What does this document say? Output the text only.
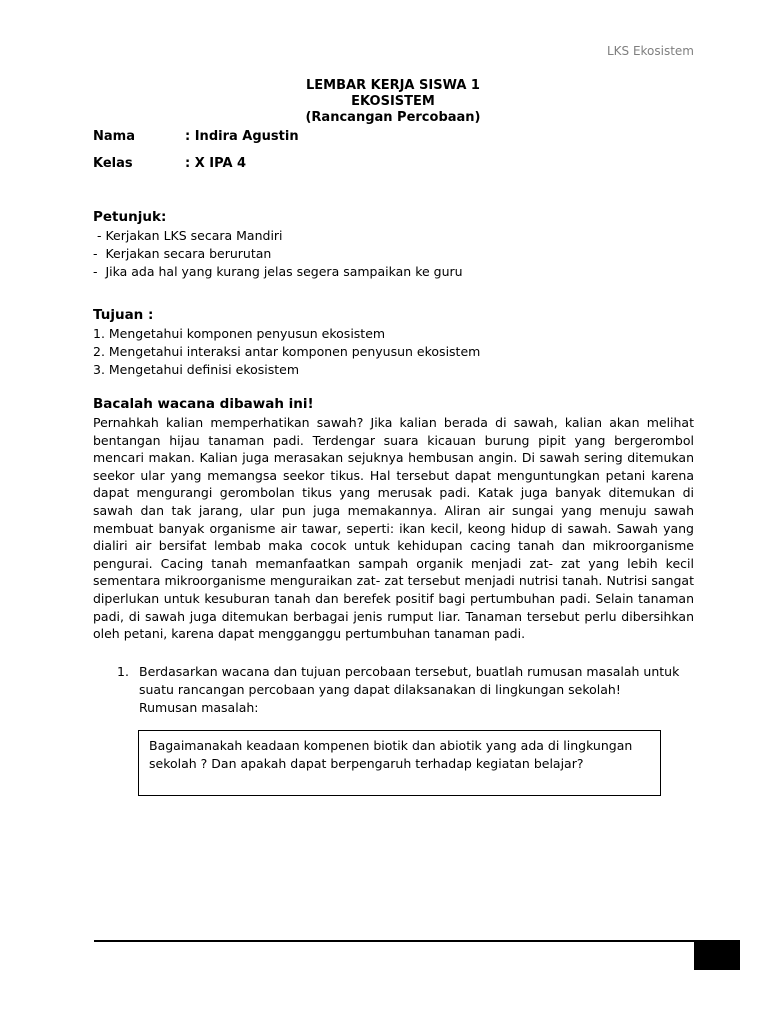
LKS Ekosistem
LEMBAR KERJA SISWA 1
EKOSISTEM
(Rancangan Percobaan)
Nama	: Indira Agustin
Kelas	: X IPA 4
Petunjuk:
- Kerjakan LKS secara Mandiri
-  Kerjakan secara berurutan
-  Jika ada hal yang kurang jelas segera sampaikan ke guru
Tujuan :
1. Mengetahui komponen penyusun ekosistem
2. Mengetahui interaksi antar komponen penyusun ekosistem
3. Mengetahui definisi ekosistem
Bacalah wacana dibawah ini!

Pernahkah kalian memperhatikan sawah? Jika kalian berada di sawah, kalian akan melihat bentangan hijau tanaman padi. Terdengar suara kicauan burung pipit yang bergerombol mencari makan. Kalian juga merasakan sejuknya hembusan angin. Di sawah sering ditemukan seekor ular yang memangsa seekor tikus. Hal tersebut dapat menguntungkan petani karena dapat mengurangi gerombolan tikus yang merusak padi. Katak juga banyak ditemukan di sawah dan tak jarang, ular pun juga memakannya. Aliran air sungai yang menuju sawah membuat banyak organisme air tawar, seperti: ikan kecil, keong hidup di sawah. Sawah yang dialiri air bersifat lembab maka cocok untuk kehidupan cacing tanah dan mikroorganisme pengurai. Cacing tanah memanfaatkan sampah organik menjadi zat- zat yang lebih kecil sementara mikroorganisme menguraikan zat- zat tersebut menjadi nutrisi tanah. Nutrisi sangat diperlukan untuk kesuburan tanah dan berefek positif bagi pertumbuhan padi. Selain tanaman padi, di sawah juga ditemukan berbagai jenis rumput liar. Tanaman tersebut perlu dibersihkan oleh petani, karena dapat mengganggu pertumbuhan tanaman padi.

1. Berdasarkan wacana dan tujuan percobaan tersebut, buatlah rumusan masalah untuk suatu rancangan percobaan yang dapat dilaksanakan di lingkungan sekolah!
Rumusan masalah:
Bagaimanakah keadaan kompenen biotik dan abiotik yang ada di lingkungan sekolah ? Dan apakah dapat berpengaruh terhadap kegiatan belajar?
